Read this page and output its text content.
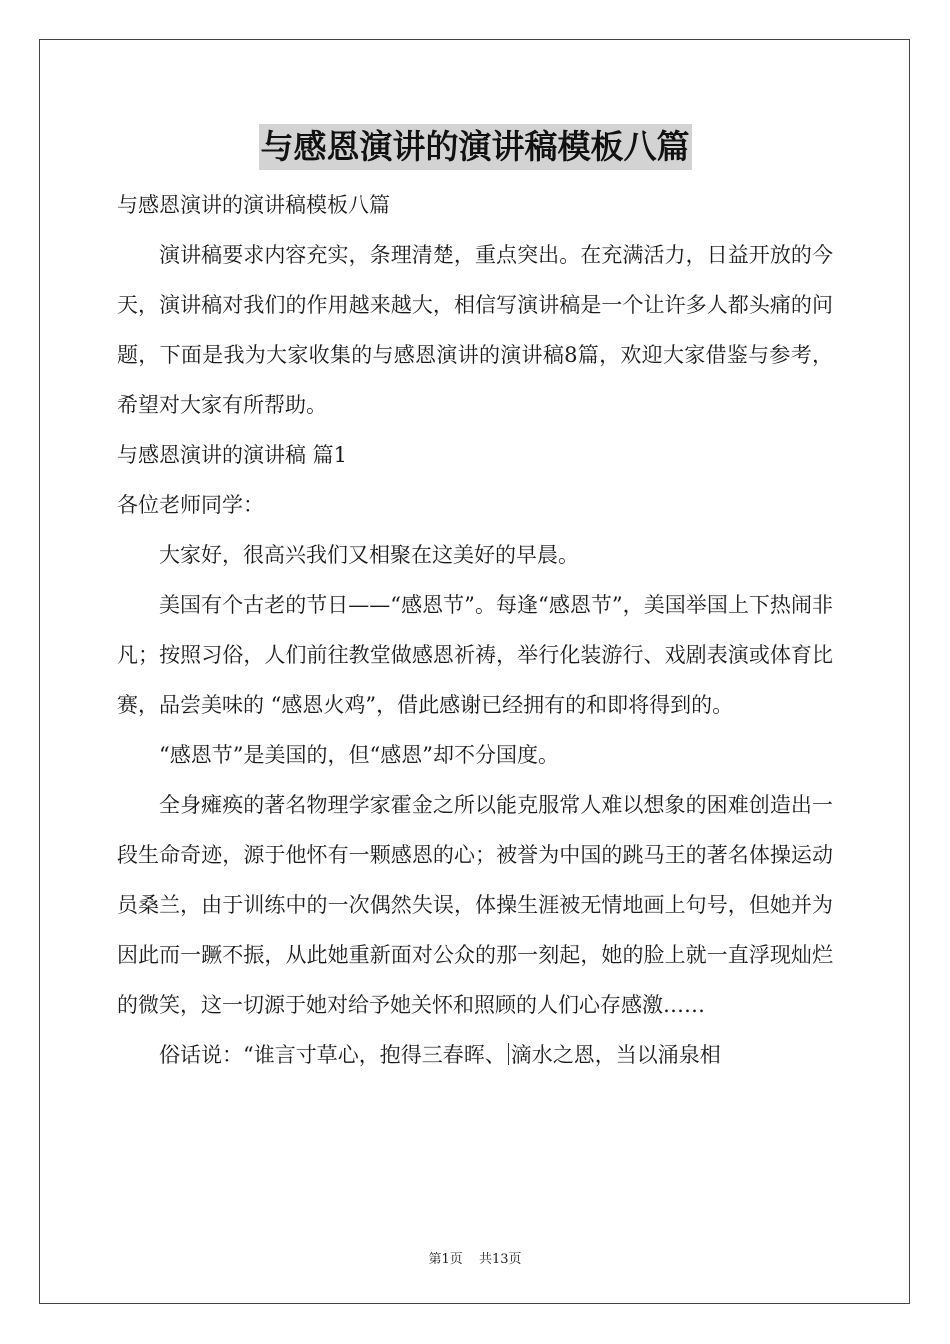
与感恩演讲的演讲稿模板八篇

与感恩演讲的演讲稿模板八篇

演讲稿要求内容充实，条理清楚，重点突出。在充满活力，日益开放的今天，演讲稿对我们的作用越来越大，相信写演讲稿是一个让许多人都头痛的问题，下面是我为大家收集的与感恩演讲的演讲稿8篇，欢迎大家借鉴与参考，希望对大家有所帮助。

与感恩演讲的演讲稿 篇1

各位老师同学：

大家好，很高兴我们又相聚在这美好的早晨。

美国有个古老的节日——“感恩节”。每逢“感恩节”，美国举国上下热闹非凡；按照习俗，人们前往教堂做感恩祈祷，举行化装游行、戏剧表演或体育比赛，品尝美味的 “感恩火鸡”，借此感谢已经拥有的和即将得到的。

“感恩节”是美国的，但“感恩”却不分国度。

全身瘫痪的著名物理学家霍金之所以能克服常人难以想象的困难创造出一段生命奇迹，源于他怀有一颗感恩的心；被誉为中国的跳马王的著名体操运动员桑兰，由于训练中的一次偶然失误，体操生涯被无情地画上句号，但她并为因此而一蹶不振，从此她重新面对公众的那一刻起，她的脸上就一直浮现灿烂的微笑，这一切源于她对给予她关怀和照顾的人们心存感激……

俗话说：“谁言寸草心，抱得三春晖、 滴水之恩，当以涌泉相

第1页 共13页
